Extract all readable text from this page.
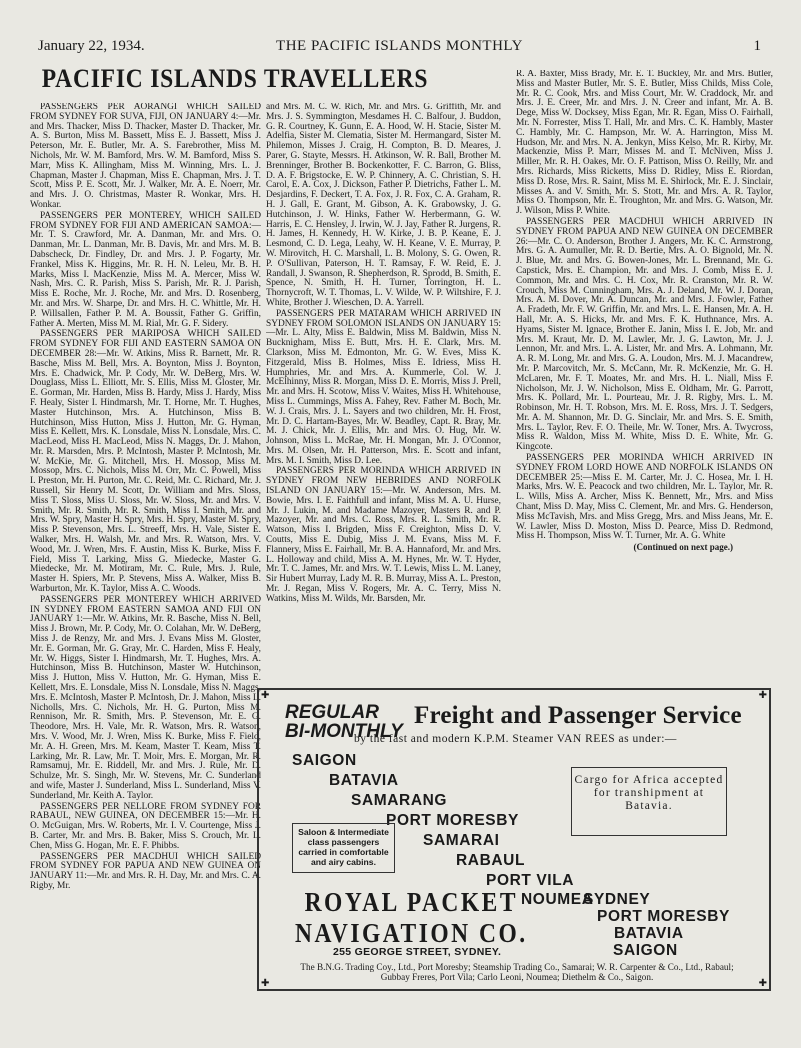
January 22, 1934.	THE PACIFIC ISLANDS MONTHLY	1
PACIFIC ISLANDS TRAVELLERS

PASSENGERS PER AORANGI WHICH SAILED FROM SYDNEY FOR SUVA, FIJI, ON JANUARY 4:—Mr. and Mrs. Thacker, Miss D. Thacker, Master D. Thacker, Mr. A. S. Burton, Miss M. Bassett, Miss E. J. Bassett, Miss J. Peterson, Mr. E. Butler, Mr. A. S. Farebrother, Miss M. Nichols, Mr. W. M. Bamford, Mrs. W. M. Bamford, Miss S. Marr, Miss K. Allingham, Miss M. Winning, Mrs. L. J. Chapman, Master J. Chapman, Miss E. Chapman, Mrs. J. T. Scott, Miss P. E. Scott, Mr. J. Walker, Mr. A. E. Noerr, Mr. and Mrs. J. O. Christmas, Master R. Wonkar, Mrs. H. Wonkar.

PASSENGERS PER MONTEREY, WHICH SAILED FROM SYDNEY FOR FIJI AND AMERICAN SAMOA:—Mr. T. S. Crawford, Mr. A. Danman, Mr. and Mrs. O. Danman, Mr. L. Danman, Mr. B. Davis, Mr. and Mrs. M. B. Dabscheck, Dr. Findley, Dr. and Mrs. J. P. Fogarty, Mr. Frankel, Miss K. Higgins, Mr. R. H. N. Leleu, Mr. B. H. Marks, Miss I. MacKenzie, Miss M. A. Mercer, Miss W. Nash, Mrs. C. R. Parish, Miss S. Parish, Mr. R. J. Parish, Miss E. Roche, Mr. J. Roche, Mr. and Mrs. D. Rosenberg, Mr. and Mrs. W. Sharpe, Dr. and Mrs. H. C. Whittle, Mr. H. P. Willsallen, Father P. M. A. Boussit, Father G. Griffin, Father A. Merten, Miss M. M. Rial, Mr. G. F. Sidery.

PASSENGERS PER MARIPOSA WHICH SAILED FROM SYDNEY FOR FIJI AND EASTERN SAMOA ON DECEMBER 28:—Mr. W. Atkins, Miss R. Barnett, Mr. R. Basche, Miss M. Bell, Mrs. A. Boynton, Miss J. Boynton, Mrs. E. Chadwick, Mr. P. Cody, Mr. W. DeBerg, Mrs. W. Douglass, Miss L. Elliott, Mr. S. Ellis, Miss M. Gloster, Mr. E. Gorman, Mr. Harden, Miss B. Hardy, Miss J. Hardy, Miss F. Healy, Sister I. Hindmarsh, Mr. T. Horne, Mr. T. Hughes, Master Hutchinson, Mrs. A. Hutchinson, Miss B. Hutchinson, Miss Hutton, Miss J. Hutton, Mr. G. Hyman, Miss E. Kellett, Mrs. K. Lonsdale, Miss N. Lonsdale, Mrs. C. MacLeod, Miss H. MacLeod, Miss N. Maggs, Dr. J. Mahon, Mr. R. Marsden, Mrs. P. McIntosh, Master P. McIntosh, Mr. W. McKie, Mr. G. Mitchell, Mrs. H. Mossop, Miss M. Mossop, Mrs. C. Nichols, Miss M. Orr, Mr. C. Powell, Miss I. Preston, Mr. H. Purton, Mr. C. Reid, Mr. C. Richard, Mr. J. Russell, Sir Henry M. Scott, Dr. William and Mrs. Sloss, Miss T. Sloss, Miss U. Sloss, Mr. W. Sloss, Mr. and Mrs. V. Smith, Mr. R. Smith, Mr. R. Smith, Miss I. Smith, Mr. and Mrs. W. Spry, Master H. Spry, Mrs. H. Spry, Master M. Spry, Miss P. Stevenson, Mrs. L. Streeff, Mrs. H. Vale, Sister E. Walker, Mrs. H. Walsh, Mr. and Mrs. R. Watson, Mrs. V. Wood, Mr. J. Wren, Mrs. F. Austin, Miss K. Burke, Miss F. Field, Miss T. Larking, Miss G. Miedecke, Master G. Miedecke, Mr. M. Motiram, Mr. C. Rule, Mrs. J. Rule, Master H. Spiers, Mr. P. Stevens, Miss A. Walker, Miss B. Warburton, Mr. K. Taylor, Miss A. C. Woods.

PASSENGERS PER MONTEREY WHICH ARRIVED IN SYDNEY FROM EASTERN SAMOA AND FIJI ON JANUARY 1:—Mr. W. Atkins, Mr. R. Basche, Miss N. Bell, Miss J. Brown, Mr. P. Cody, Mr. O. Colahan, Mr. W. DeBerg, Miss J. de Renzy, Mr. and Mrs. J. Evans Miss M. Gloster, Mr. E. Gorman, Mr. G. Gray, Mr. C. Harden, Miss F. Healy, Mr. W. Higgs, Sister I. Hindmarsh, Mr. T. Hughes, Mrs. A. Hutchinson, Miss B. Hutchinson, Master W. Hutchinson, Miss J. Hutton, Miss V. Hutton, Mr. G. Hyman, Miss E. Kellett, Mrs. E. Lonsdale, Miss N. Lonsdale, Miss N. Maggs, Mrs. E. McIntosh, Master P. McIntosh, Dr. J. Mahon, Miss L. Nicholls, Mrs. C. Nichols, Mr. H. G. Purton, Miss M. Rennison, Mr. R. Smith, Mrs. P. Stevenson, Mr. E. G. Theodore, Mrs. H. Vale, Mr. R. Watson, Mrs. R. Watson, Mrs. V. Wood, Mr. J. Wren, Miss K. Burke, Miss F. Field, Mr. A. H. Green, Mrs. M. Keam, Master T. Keam, Miss T. Larking, Mr. R. Law, Mr. T. Moir, Mrs. E. Morgan, Mr. R. Ramsamuj, Mr. E. Riddell, Mr. and Mrs. J. Rule, Mr. D. Schulze, Mr. S. Singh, Mr. W. Stevens, Mr. C. Sunderland and wife, Master J. Sunderland, Miss L. Sunderland, Miss V. Sunderland, Mr. Keith A. Taylor.

PASSENGERS PER NELLORE FROM SYDNEY FOR RABAUL, NEW GUINEA, ON DECEMBER 15:—Mr. H. O. McGuigan, Mrs. W. Roberts, Mr. I. V. Courtenge, Miss J. B. Carter, Mr. and Mrs. B. Baker, Miss S. Crouch, Mr. L. Chen, Miss G. Hogan, Mr. E. F. Phibbs.

PASSENGERS PER MACDHUI WHICH SAILED FROM SYDNEY FOR PAPUA AND NEW GUINEA ON JANUARY 11:—Mr. and Mrs. R. H. Day, Mr. and Mrs. C. A. Rigby, Mr.

and Mrs. M. C. W. Rich, Mr. and Mrs. G. Griffith, Mr. and Mrs. J. S. Symmington, Mesdames H. C. Balfour, J. Buddon, G. R. Courtney, K. Gunn, E. A. Hood, W. H. Stacie, Sister M. Adelfia, Sister M. Clematia, Sister M. Hermangard, Sister M. Philemon, Misses J. Craig, H. Compton, B. D. Meares, J. Parer, G. Stayte, Messrs. H. Atkinson, W. R. Ball, Brother M. Brenninger, Brother B. Bockenkotter, F. C. Barron, G. Bliss, D. A. F. Brigstocke, E. W. P. Chinnery, A. C. Christian, S. H. Carol, E. A. Cox, J. Dickson, Father P. Dietrichs, Father L. M. Desjardins, F. Deckert, T. A. Fox, J. R. Fox, C. A. Graham, R. H. J. Gall, E. Grant, M. Gibson, A. K. Grabowsky, J. G. Hutchinson, J. W. Hinks, Father W. Herbermann, G. W. Harris, E. C. Hensley, J. Irwin, W. J. Jay, Father R. Jurgens, R. H. James, H. Kennedy, H. W. Kirke, J. B. P. Keane, E. J. Lesmond, C. D. Lega, Leahy, W. H. Keane, V. E. Murray, P. W. Mirovitch, H. C. Marshall, L. B. Molony, S. G. Owen, R. P. O'Sullivan, Paterson, H. T. Ramsay, F. W. Reid, E. J. Randall, J. Swanson, R. Shepherdson, R. Sprodd, B. Smith, E. Spence, N. Smith, H. H. Turner, Torrington, H. L. Thornycroft, W. T. Thomas, L. V. Wilde, W. P. Wiltshire, F. J. White, Brother J. Wieschen, D. A. Yarrell.

PASSENGERS PER MATARAM WHICH ARRIVED IN SYDNEY FROM SOLOMON ISLANDS ON JANUARY 15:—Mr. L. Alty, Miss E. Baldwin, Miss M. Baldwin, Miss N. Bucknigham, Miss E. Butt, Mrs. H. E. Clark, Mrs. M. Clarkson, Miss M. Edmonton, Mr. G. W. Eves, Miss K. Fitzgerald, Miss B. Holmes, Miss E. Idriess, Miss H. Humphries, Mr. and Mrs. A. Kummerle, Col. W. J. McElhinny, Miss R. Morgan, Miss D. E. Morris, Miss J. Prell, Mr. and Mrs. H. Scotow, Miss V. Waites, Miss H. Whitehouse, Miss L. Cummings, Miss A. Fahey, Rev. Father M. Boch, Mr. W. J. Crais, Mrs. J. L. Sayers and two children, Mr. H. Frost, Mr. D. C. Hartam-Bayes, Mr. W. Beadley, Capt. R. Bray, Mr. M. J. Chick, Mr. J. Ellis, Mr. and Mrs. O. Hug, Mr. W. Johnson, Miss L. McRae, Mr. H. Mongan, Mr. J. O'Connor, Mrs. M. Olsen, Mr. H. Patterson, Mrs. E. Scott and infant, Mrs. M. I. Smith, Miss D. Lee.

PASSENGERS PER MORINDA WHICH ARRIVED IN SYDNEY FROM NEW HEBRIDES AND NORFOLK ISLAND ON JANUARY 15:—Mr. W. Anderson, Mrs. M. Bowie, Mrs. I. E. Faithfull and infant, Miss M. A. U. Hurse, Mr. J. Lukin, M. and Madame Mazoyer, Masters R. and P. Mazoyer, Mr. and Mrs. C. Ross, Mrs. R. L. Smith, Mr. R. Watson, Miss I. Brigden, Miss F. Creighton, Miss D. V. Coutts, Miss E. Dubig, Miss J. M. Evans, Miss M. F. Flannery, Miss E. Fairhall, Mr. B. A. Hannaford, Mr. and Mrs. L. Holloway and child, Miss A. M. Hynes, Mr. W. T. Hyder, Mr. T. C. James, Mr. and Mrs. W. T. Lewis, Miss L. M. Laney, Sir Hubert Murray, Lady M. R. B. Murray, Miss A. L. Preston, Mr. J. Regan, Miss V. Rogers, Mr. A. C. Terry, Miss N. Watkins, Miss M. Wilds, Mr. Barsden, Mr.

R. A. Baxter, Miss Brady, Mr. E. T. Buckley, Mr. and Mrs. Butler, Miss and Master Butler, Mr. S. E. Butler, Miss Childs, Miss Cole, Mr. R. C. Cook, Mrs. and Miss Court, Mr. W. Craddock, Mr. and Mrs. J. E. Creer, Mr. and Mrs. J. N. Creer and infant, Mr. A. B. Dege, Miss W. Docksey, Miss Egan, Mr. R. Egan, Miss O. Fairhall, Mr. N. Forrester, Miss T. Hall, Mr. and Mrs. C. K. Hambly, Master C. Hambly, Mr. C. Hampson, Mr. W. A. Harrington, Miss M. Hudson, Mr. and Mrs. N. A. Jenkyn, Miss Kelso, Mr. R. Kirby, Mr. Mackenzie, Miss P. Marr, Misses M. and T. McNiven, Miss J. Miller, Mr. R. H. Oakes, Mr. O. F. Pattison, Miss O. Reilly, Mr. and Mrs. Richards, Miss Ricketts, Miss D. Ridley, Miss E. Riordan, Miss D. Rose, Mrs. R. Saint, Miss M. E. Shirlock, Mr. E. J. Sinclair, Misses A. and V. Smith, Mr. S. Stott, Mr. and Mrs. A. R. Taylor, Miss O. Thompson, Mr. E. Troughton, Mr. and Mrs. G. Watson, Mr. J. Wilson, Miss P. White.

PASSENGERS PER MACDHUI WHICH ARRIVED IN SYDNEY FROM PAPUA AND NEW GUINEA ON DECEMBER 26:—Mr. C. O. Anderson, Brother J. Angers, Mr. K. C. Armstrong, Mrs. G. A. Aumuller, Mr. R. D. Bertie, Mrs. A. O. Bignold, Mr. N. J. Blue, Mr. and Mrs. G. Bowen-Jones, Mr. L. Brennand, Mr. G. Capstick, Mrs. E. Champion, Mr. and Mrs. J. Comb, Miss E. J. Common, Mr. and Mrs. C. H. Cox, Mr. R. Cranston, Mr. R. W. Crouch, Miss M. Cunningham, Mrs. A. J. Deland, Mr. W. J. Doran, Mrs. A. M. Dover, Mr. A. Duncan, Mr. and Mrs. J. Fowler, Father A. Fradeth, Mr. F. W. Griffin, Mr. and Mrs. L. E. Hansen, Mr. A. H. Hall, Mr. A. S. Hicks, Mr. and Mrs. F. K. Huthnance, Mrs. A. Hyams, Sister M. Ignace, Brother E. Janin, Miss I. E. Job, Mr. and Mrs. M. Kraut, Mr. D. M. Lawler, Mr. J. G. Lawton, Mr. J. J. Lennon, Mr. and Mrs. L. A. Lister, Mr. and Mrs. A. Lohmann, Mr. A. R. M. Long, Mr. and Mrs. G. A. Loudon, Mrs. M. J. Macandrew, Mr. P. Marcovitch, Mr. S. McCann, Mr. R. McKenzie, Mr. G. H. McLaren, Mr. F. T. Moates, Mr. and Mrs. H. L. Niall, Miss F. Nicholson, Mr. J. W. Nicholson, Miss E. Oldham, Mr. G. Parrott, Mrs. K. Pollard, Mr. L. Pourteau, Mr. J. R. Rigby, Mrs. L. M. Robinson, Mr. H. T. Robson, Mrs. M. E. Ross, Mrs. J. T. Sedgers, Mr. A. M. Shannon, Mr. D. G. Sinclair, Mr. and Mrs. S. E. Smith, Mrs. L. Taylor, Rev. F. O. Theile, Mr. W. Toner, Mrs. A. Twycross, Miss R. Waldon, Miss M. White, Miss D. E. White, Mr. G. Kingcote.

PASSENGERS PER MORINDA WHICH ARRIVED IN SYDNEY FROM LORD HOWE AND NORFOLK ISLANDS ON DECEMBER 25:—Miss E. M. Carter, Mr. J. C. Hosea, Mr. I. H. Marks, Mrs. W. E. Peacock and two children, Mr. L. Taylor, Mr. R. L. Wills, Miss A. Archer, Miss K. Bennett, Mr., Mrs. and Miss Chant, Miss D. May, Miss C. Clement, Mr. and Mrs. G. Henderson, Miss McTavish, Mrs. and Miss Gregg, Mrs. and Miss Jeans, Mr. E. W. Lawler, Miss D. Moston, Miss D. Pearce, Miss D. Redmond, Miss H. Thompson, Miss W. T. Turner, Mr. A. G. White

(Continued on next page.)
✚	✚
✚	✚
REGULAR
BI-MONTHLY
Freight and Passenger Service
by the fast and modern K.P.M. Steamer VAN REES as under:—
SAIGON
BATAVIA
SAMARANG
PORT MORESBY
SAMARAI
RABAUL
PORT VILA
NOUMEA
SYDNEY
PORT MORESBY
BATAVIA
SAIGON
Cargo for Africa accepted for transhipment at Batavia.
Saloon & Intermediate class passengers carried in comfortable and airy cabins.
ROYAL PACKET
NAVIGATION CO.
255 GEORGE STREET, SYDNEY.
The B.N.G. Trading Coy., Ltd., Port Moresby; Steamship Trading Co., Samarai; W. R. Carpenter & Co., Ltd., Rabaul; Gubbay Freres, Port Vila; Carlo Leoni, Noumea; Diethelm & Co., Saigon.
